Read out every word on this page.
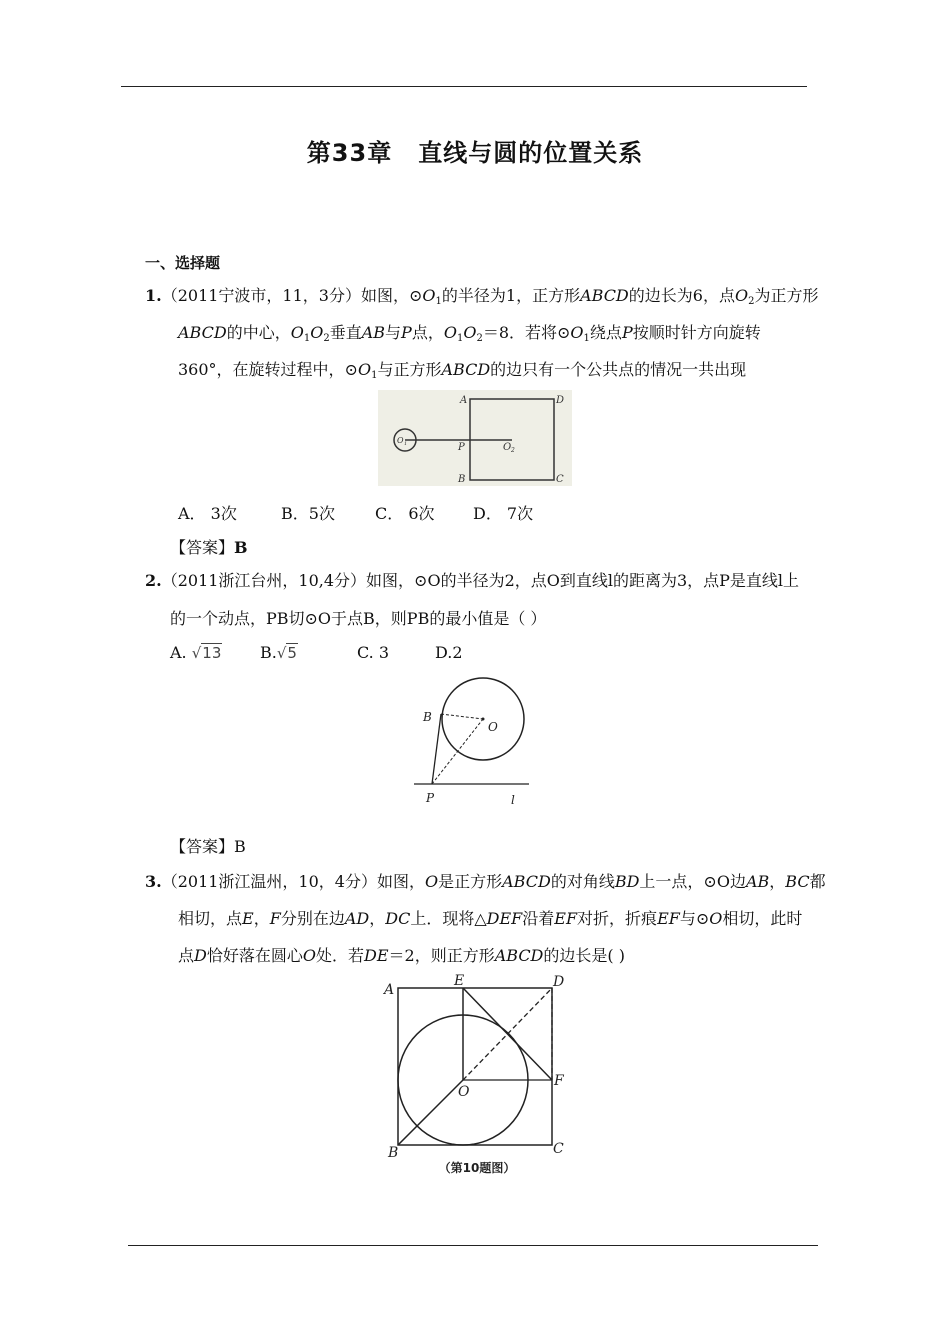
第33章 直线与圆的位置关系
一、选择题
1.（2011宁波市，11，3分）如图，$⊙O_1$的半径为1，正方形ABCD的边长为6，点$O_2$为正方形
ABCD的中心，$O_1O_2$垂直AB与P点，$O_1O_2=8$．若将$⊙O_1$绕点P按顺时针方向旋转
360°，在旋转过程中，$⊙O_1$与正方形ABCD的边只有一个公共点的情况一共出现
A	D
P	O 2
O 1
B	C
A． 3次	B．5次	C． 6次 D． 7次
【答案】B
2.（2011浙江台州，10,4分）如图，⊙O的半径为2，点O到直线l的距离为3，点P是直线l上
的一个动点，PB切⊙O于点B，则PB的最小值是（ ）
A. √13 B.√5	C. 3	D.2
B
O
P	l
【答案】B
3.（2011浙江温州，10，4分）如图，O是正方形ABCD的对角线BD上一点，⊙O边AB，BC都
相切，点E，F分别在边AD，DC上．现将△DEF沿着EF对折，折痕EF与⊙O相切，此时
点D恰好落在圆心O处．若DE＝2，则正方形ABCD的边长是( )
A
E	D
F
O
B	C
（第10题图）
